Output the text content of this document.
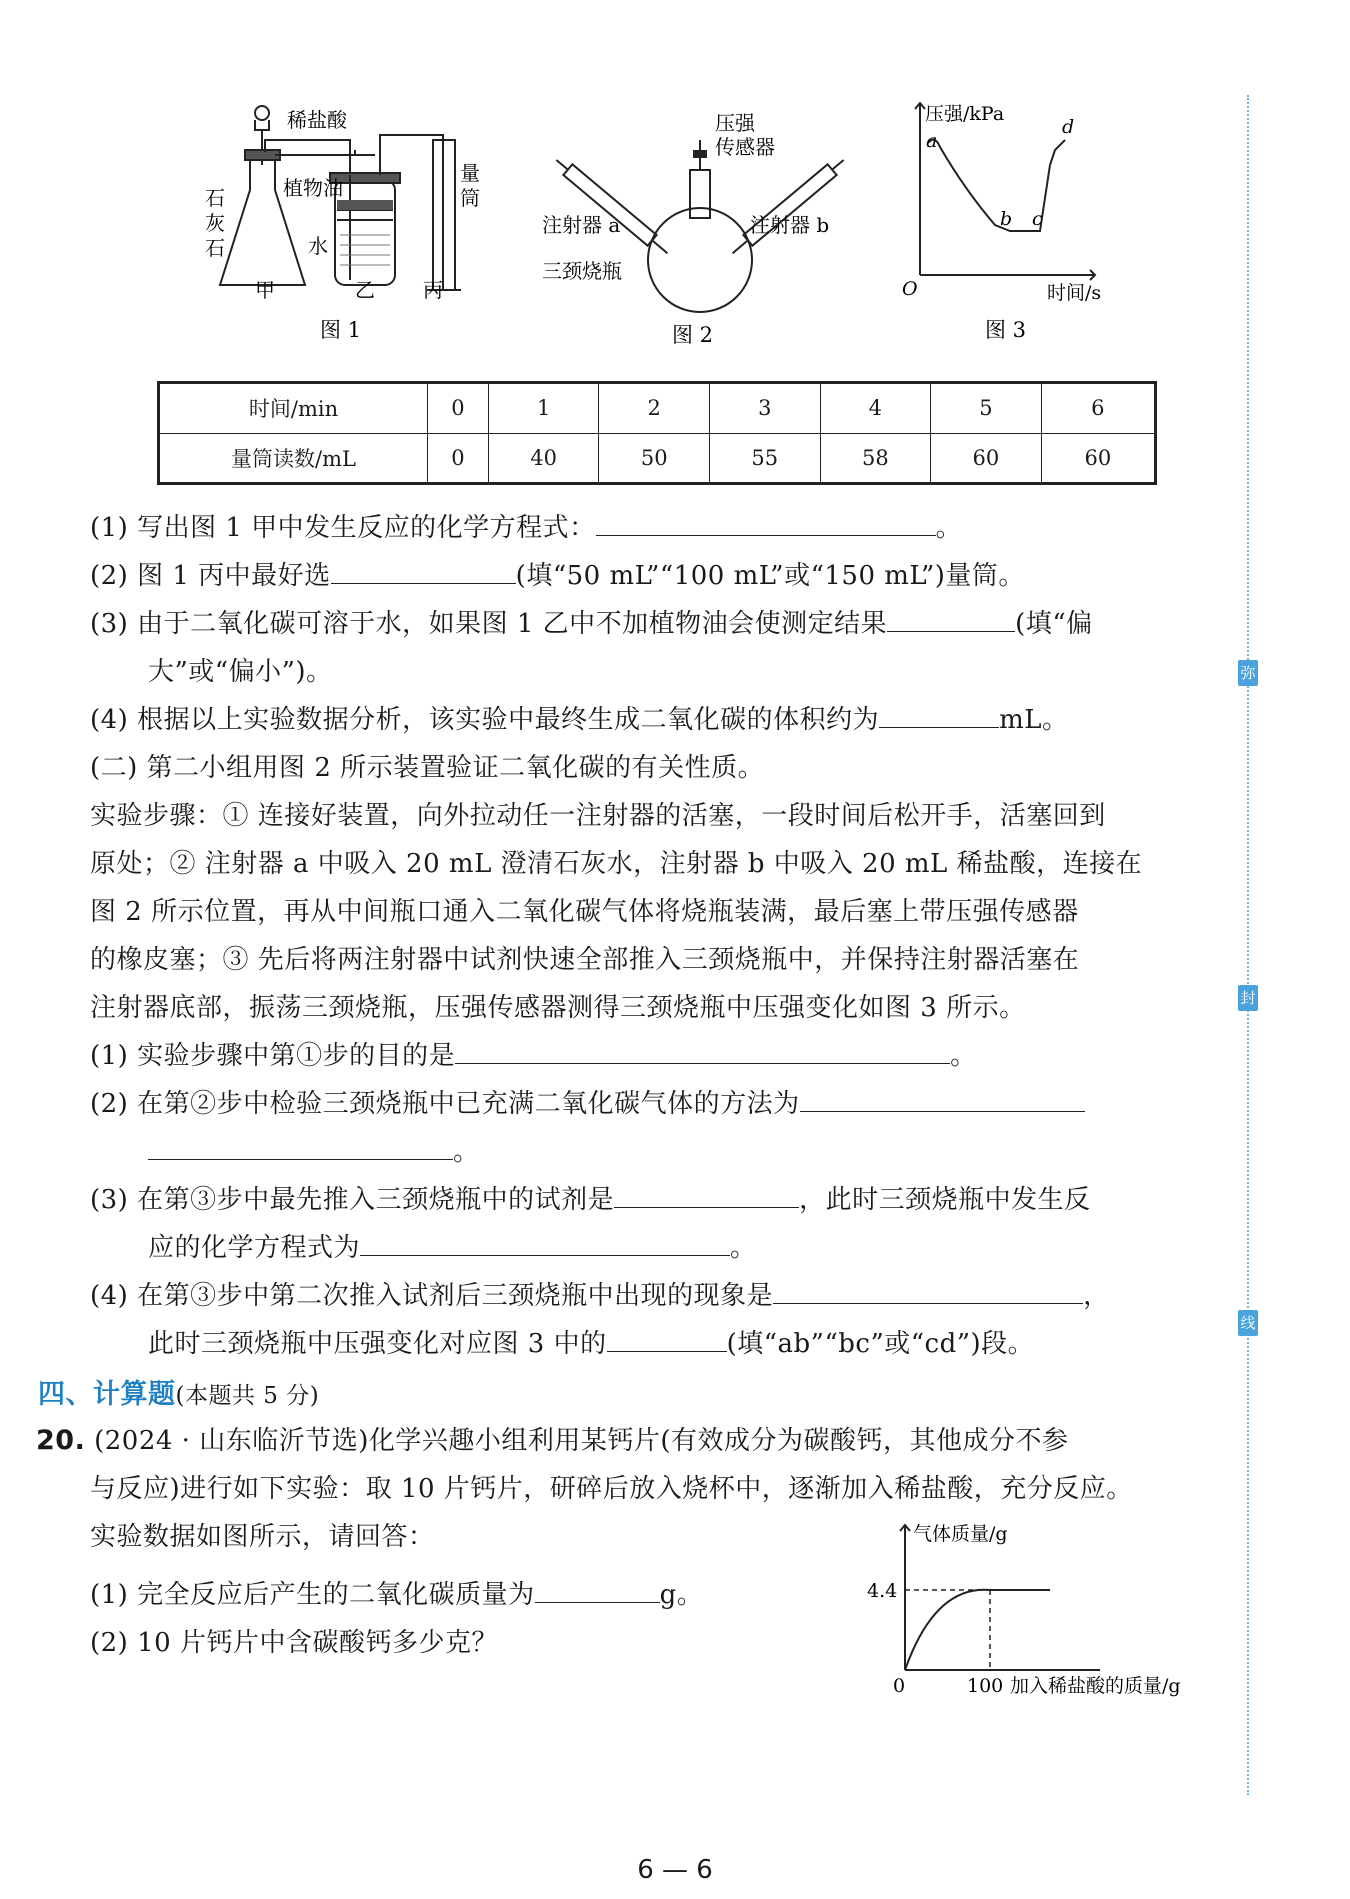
稀盐酸
植物油
石
灰
石	水
量
筒
甲	乙 丙
图 1
压强
传感器
注射器 a	注射器 b
三颈烧瓶
图 2
压强/kPa
时间/s
O
a
b c
d
图 3
时间/min	0	1	2	3	4	5	6
量筒读数/mL	0	40	50	55	58	60	60
(1) 写出图 1 甲中发生反应的化学方程式：	。
(2) 图 1 丙中最好选	(填“50 mL”“100 mL”或“150 mL”)量筒。
(3) 由于二氧化碳可溶于水，如果图 1 乙中不加植物油会使测定结果	(填“偏
大”或“偏小”)。
(4) 根据以上实验数据分析，该实验中最终生成二氧化碳的体积约为	mL。
(二) 第二小组用图 2 所示装置验证二氧化碳的有关性质。
实验步骤：① 连接好装置，向外拉动任一注射器的活塞，一段时间后松开手，活塞回到
原处；② 注射器 a 中吸入 20 mL 澄清石灰水，注射器 b 中吸入 20 mL 稀盐酸，连接在
图 2 所示位置，再从中间瓶口通入二氧化碳气体将烧瓶装满，最后塞上带压强传感器
的橡皮塞；③ 先后将两注射器中试剂快速全部推入三颈烧瓶中，并保持注射器活塞在
注射器底部，振荡三颈烧瓶，压强传感器测得三颈烧瓶中压强变化如图 3 所示。
(1) 实验步骤中第①步的目的是	。
(2) 在第②步中检验三颈烧瓶中已充满二氧化碳气体的方法为
。
(3) 在第③步中最先推入三颈烧瓶中的试剂是	，此时三颈烧瓶中发生反
应的化学方程式为	。
(4) 在第③步中第二次推入试剂后三颈烧瓶中出现的现象是	，
此时三颈烧瓶中压强变化对应图 3 中的	(填“ab”“bc”或“cd”)段。
四、计算题(本题共 5 分)
20. (2024 · 山东临沂节选)化学兴趣小组利用某钙片(有效成分为碳酸钙，其他成分不参
与反应)进行如下实验：取 10 片钙片，研碎后放入烧杯中，逐渐加入稀盐酸，充分反应。
实验数据如图所示，请回答：
(1) 完全反应后产生的二氧化碳质量为	g。
(2) 10 片钙片中含碳酸钙多少克？
气体质量/g
4.4
0	100 加入稀盐酸的质量/g
弥
封
线
6 — 6
